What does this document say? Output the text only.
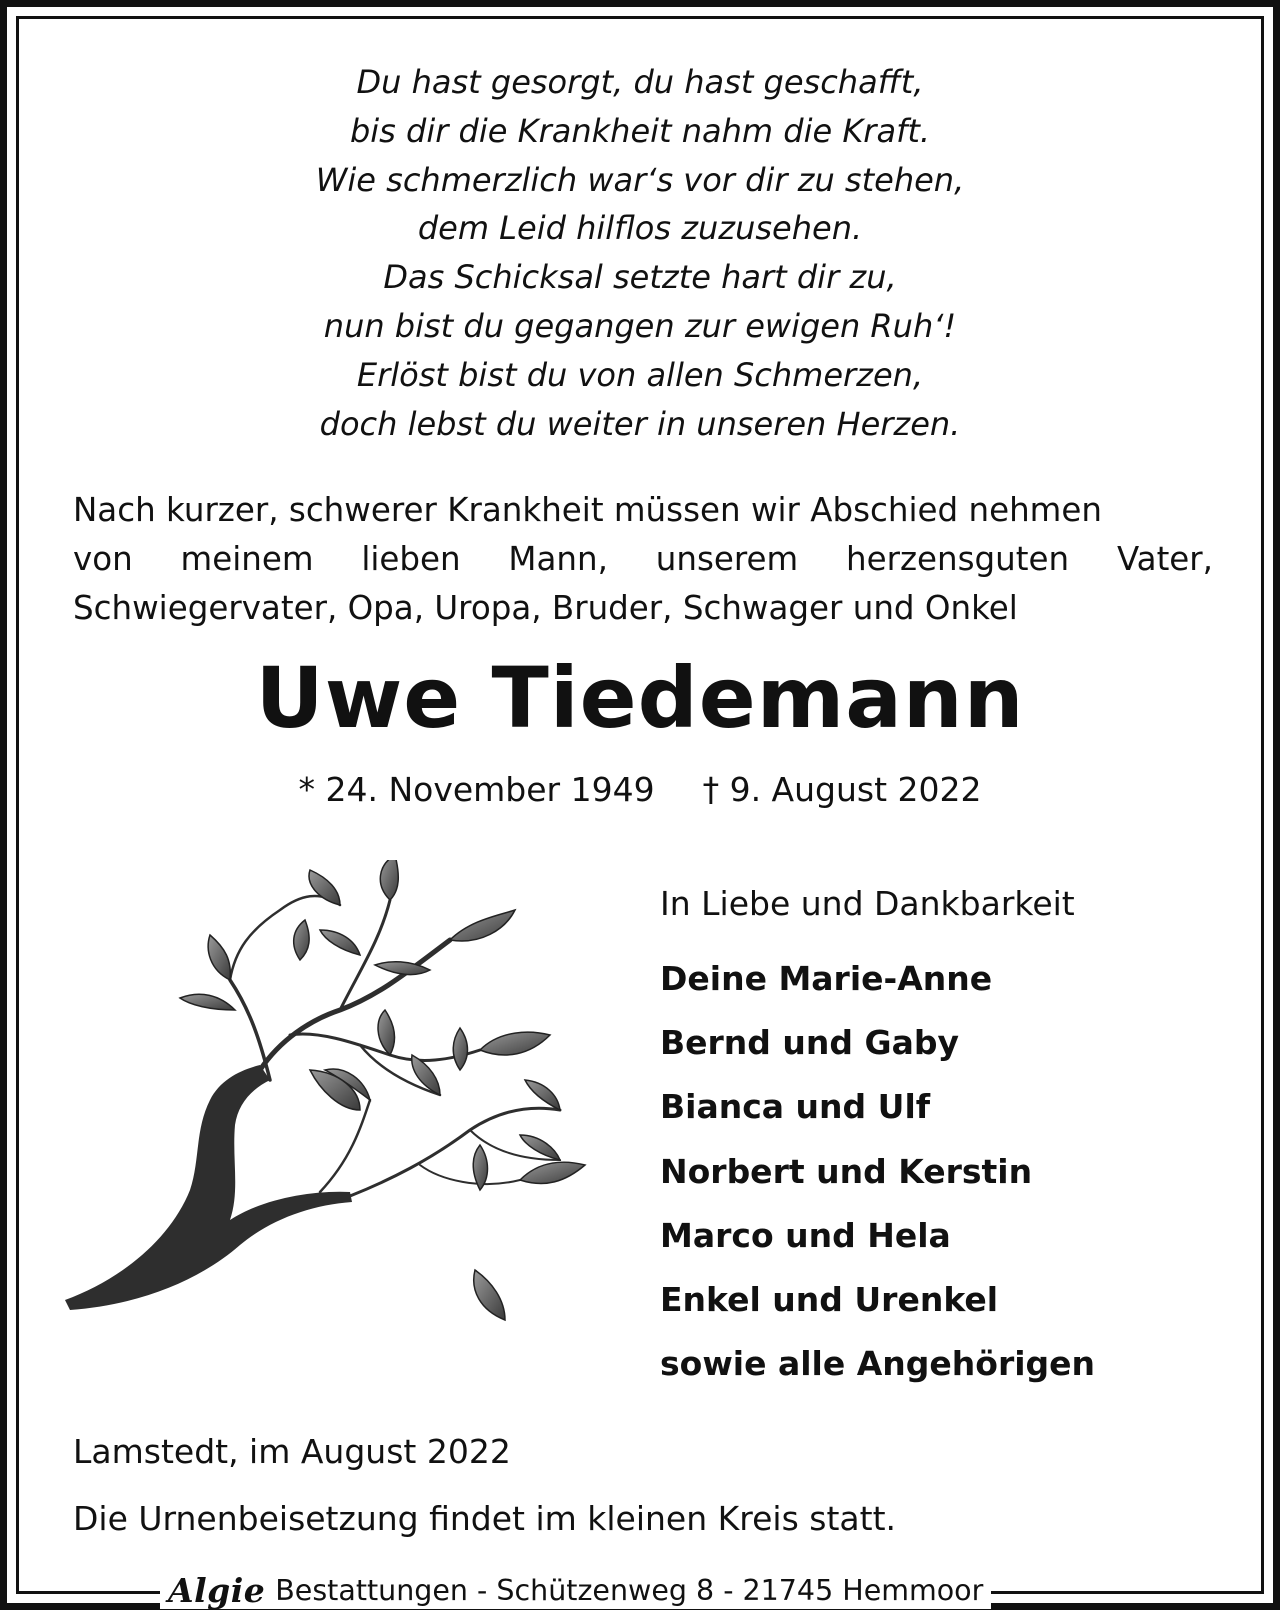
Du hast gesorgt, du hast geschafft,
bis dir die Krankheit nahm die Kraft.
Wie schmerzlich war‘s vor dir zu stehen,
dem Leid hilflos zuzusehen.
Das Schicksal setzte hart dir zu,
nun bist du gegangen zur ewigen Ruh‘!
Erlöst bist du von allen Schmerzen,
doch lebst du weiter in unseren Herzen.
Nach kurzer, schwerer Krankheit müssen wir Abschied nehmen
von meinem lieben Mann, unserem herzensguten Vater,
Schwiegervater, Opa, Uropa, Bruder, Schwager und Onkel
Uwe Tiedemann
* 24. November 1949 † 9. August 2022
In Liebe und Dankbarkeit
Deine Marie-Anne
Bernd und Gaby
Bianca und Ulf
Norbert und Kerstin
Marco und Hela
Enkel und Urenkel
sowie alle Angehörigen
Lamstedt, im August 2022
Die Urnenbeisetzung findet im kleinen Kreis statt.
Algie Bestattungen - Schützenweg 8 - 21745 Hemmoor
